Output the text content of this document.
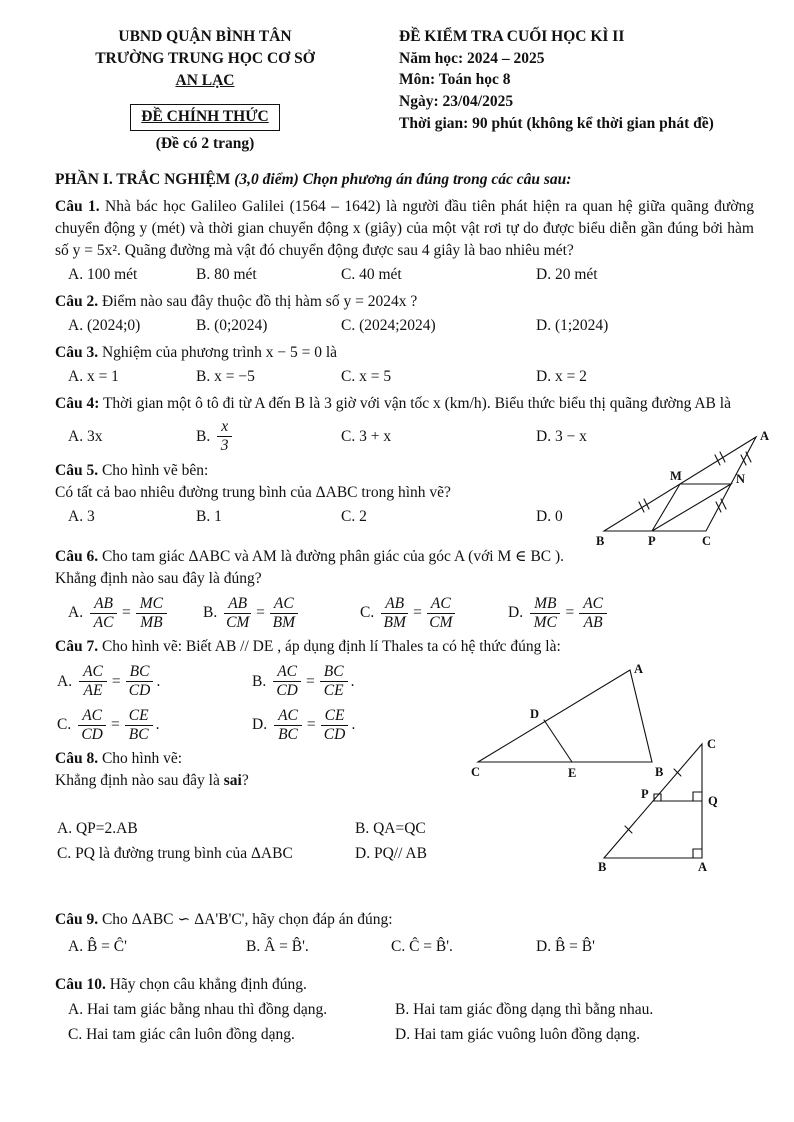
UBND QUẬN BÌNH TÂN
TRƯỜNG TRUNG HỌC CƠ SỞ
AN LẠC
ĐỀ CHÍNH THỨC
(Đề có 2 trang)
ĐỀ KIỂM TRA CUỐI HỌC KÌ II
Năm học: 2024 – 2025
Môn: Toán học 8
Ngày: 23/04/2025
Thời gian: 90 phút (không kể thời gian phát đề)
PHẦN I. TRẮC NGHIỆM (3,0 điểm) Chọn phương án đúng trong các câu sau:

Câu 1. Nhà bác học Galileo Galilei (1564 – 1642) là người đầu tiên phát hiện ra quan hệ giữa quãng đường chuyển động y (mét) và thời gian chuyển động x (giây) của một vật rơi tự do được biểu diễn gần đúng bởi hàm số y = 5x². Quãng đường mà vật đó chuyển động được sau 4 giây là bao nhiêu mét?

A. 100 mét	B. 80 mét	C. 40 mét	D. 20 mét

Câu 2. Điểm nào sau đây thuộc đồ thị hàm số y = 2024x ?

A. (2024;0)	B. (0;2024)	C. (2024;2024)	D. (1;2024)

Câu 3. Nghiệm của phương trình x − 5 = 0 là

A. x = 1	B. x = −5	C. x = 5	D. x = 2
A
M	N
B	P	C

Câu 4: Thời gian một ô tô đi từ A đến B là 3 giờ với vận tốc x (km/h). Biểu thức biểu thị quãng đường AB là

A. 3x	B. $\frac{x}{3}$	C. 3 + x	D. 3 − x

Câu 5. Cho hình vẽ bên:

Có tất cả bao nhiêu đường trung bình của ΔABC trong hình vẽ?

A. 3	B. 1	C. 2	D. 0

Câu 6. Cho tam giác ΔABC và AM là đường phân giác của góc A (với M ∈ BC ).

Khẳng định nào sau đây là đúng?

A. $\frac{AB}{AC} = \frac{MC}{MB} B$. $\frac{AB}{CM} = \frac{AC}{BM}$	C. $\frac{AB}{BM} = \frac{AC}{CM}$	D. $\frac{MB}{MC} = \frac{AC}{AB}$
A
D
C	E	B

Câu 7. Cho hình vẽ: Biết AB // DE , áp dụng định lí Thales ta có hệ thức đúng là:

A. $\frac{AC}{AE} = \frac{BC}{CD}$ .	B. $\frac{AC}{CD} = \frac{BC}{CE}$ .
C. $\frac{AC}{CD} = \frac{CE}{BC}$ .	D. $\frac{AC}{BC} = \frac{CE}{CD}$ .
C
P	Q
B	A

Câu 8. Cho hình vẽ:

Khẳng định nào sau đây là sai?

A. QP=2.AB	B. QA=QC
C. PQ là đường trung bình của ΔABC	D. PQ// AB

Câu 9. Cho ΔABC ∽ ΔA'B'C', hãy chọn đáp án đúng:

A. B̂ = Ĉ'	B. Â = B̂'.	C. Ĉ = B̂'.	D. B̂ = B̂'

Câu 10. Hãy chọn câu khẳng định đúng.

A. Hai tam giác bằng nhau thì đồng dạng.	B. Hai tam giác đồng dạng thì bằng nhau.
C. Hai tam giác cân luôn đồng dạng.	D. Hai tam giác vuông luôn đồng dạng.
